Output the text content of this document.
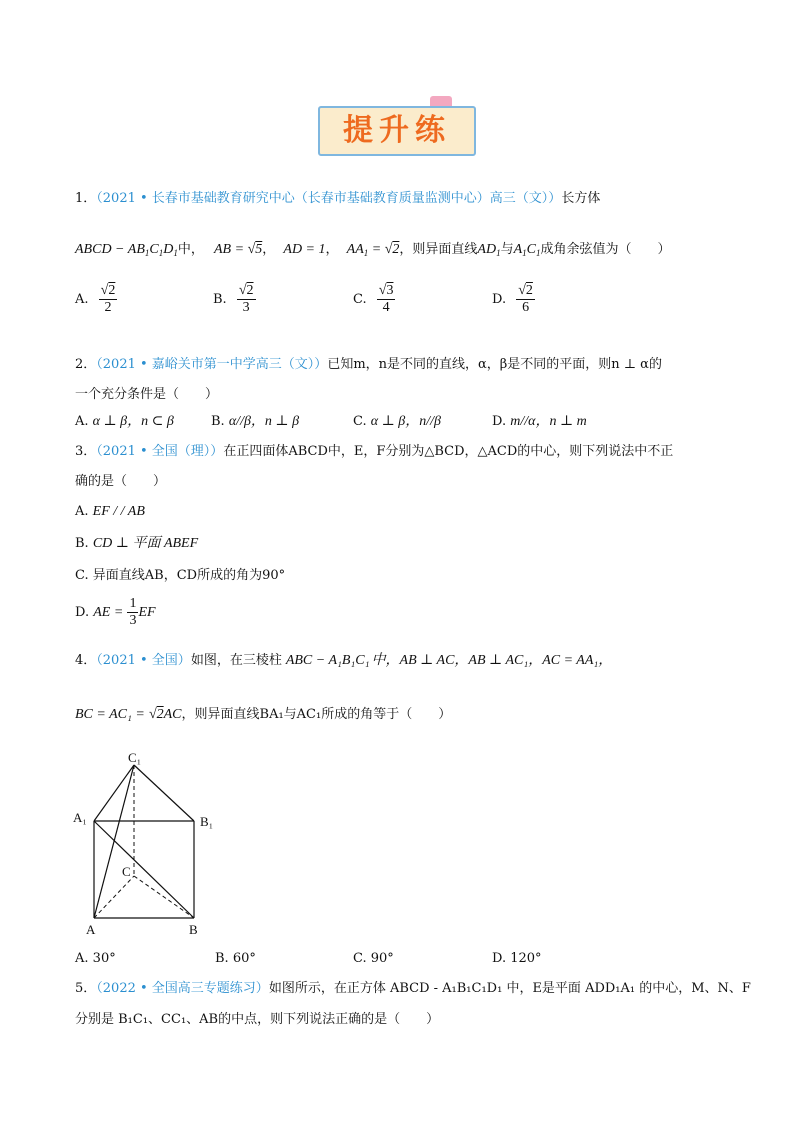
提升练
1．（2021 • 长春市基础教育研究中心（长春市基础教育质量监测中心）高三（文））长方体
ABCD − $AB_1C_1D_1$中， AB = √5， AD = 1， $AA_1 = √2$，则异面直线$AD_1$与$A_1C_1$成角余弦值为（　　）
A. $\frac{√2}{2}$	B. $\frac{√2}{3}$	C. $\frac{√3}{4}$	D. $\frac{√2}{6}$
2．（2021 • 嘉峪关市第一中学高三（文））已知m，n是不同的直线，α，β是不同的平面，则n ⊥ α的
一个充分条件是（　　）
A. α ⊥ β，n ⊂ β	B. α//β，n ⊥ β	C. α ⊥ β，n//β	D. m//α，n ⊥ m
3．（2021 • 全国（理））在正四面体ABCD中，E，F分别为△BCD，△ACD的中心，则下列说法中不正
确的是（　　）
A. EF / / AB
B. CD ⊥ 平面 ABEF
C. 异面直线AB，CD所成的角为90°
D. AE = $\frac{1}{3}$ EF
4．（2021 • 全国）如图，在三棱柱 ABC − A₁B₁C₁ 中，AB ⊥ AC，AB ⊥ AC₁，AC = AA₁，
BC = AC₁ = √2AC，则异面直线BA₁与AC₁所成的角等于（　　）
C₁
A₁	B₁
C
A	B
A. 30°	B. 60°	C. 90°	D. 120°
5．（2022 • 全国高三专题练习）如图所示，在正方体 ABCD - A₁B₁C₁D₁ 中，E是平面 ADD₁A₁ 的中心，M、N、F
分别是 B₁C₁、CC₁、AB的中点，则下列说法正确的是（　　）
